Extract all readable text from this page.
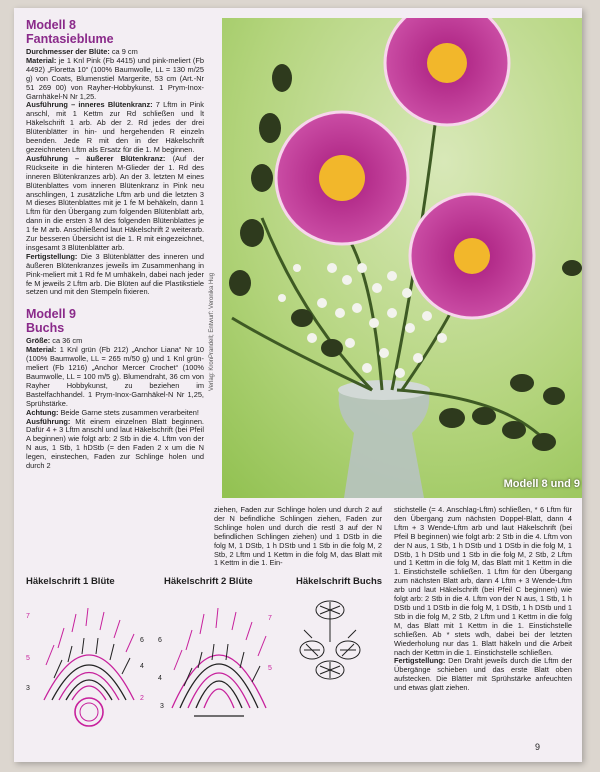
Modell 8

Fantasieblume

Durchmesser der Blüte: ca 9 cm

Material: je 1 Knl Pink (Fb 4415) und pink-meliert (Fb 4492) „Floretta 10“ (100% Baumwolle, LL = 130 m/25 g) von Coats, Blumenstiel Margerite, 53 cm (Art.-Nr 51 269 00) von Rayher-Hobbykunst. 1 Prym-Inox-Garnhäkel-N Nr 1,25.

Ausführung – inneres Blütenkranz: 7 Lftm in Pink anschl, mit 1 Kettm zur Rd schließen und lt Häkelschrift 1 arb. Ab der 2. Rd jedes der drei Blütenblätter in hin- und hergehenden R einzeln beenden. Jede R mit den in der Häkelschrift gezeichneten Lftm als Ersatz für die 1. M beginnen.

Ausführung – äußerer Blütenkranz: (Auf der Rückseite in die hinteren M-Glieder der 1. Rd des inneren Blütenkranzes arb). An der 3. letzten M eines Blütenblattes vom inneren Blütenkranz in Pink neu anschlingen, 1 zusätzliche Lftm arb und die letzten 3 M dieses Blütenblattes mit je 1 fe M behäkeln, dann 1 Lftm für den Übergang zum folgenden Blütenblatt arb, dann in die ersten 3 M des folgenden Blütenblattes je 1 fe M arb. Anschließend laut Häkelschrift 2 weiterarb. Zur besseren Übersicht ist die 1. R mit eingezeichnet, insgesamt 3 Blütenblätter arb.

Fertigstellung: Die 3 Blütenblätter des inneren und äußeren Blütenkranzes jeweils im Zusammenhang in Pink-meliert mit 1 Rd fe M umhäkeln, dabei nach jeder fe M jeweils 2 Lftm arb. Die Blüten auf die Plastikstiele setzen und mit den Stempeln fixieren.

Modell 9

Buchs

Größe: ca 36 cm

Material: 1 Knl grün (Fb 212) „Anchor Liana“ Nr 10 (100% Baumwolle, LL = 265 m/50 g) und 1 Knl grün-meliert (Fb 1216) „Anchor Mercer Crochet“ (100% Baumwolle, LL = 100 m/5 g). Blumendraht, 36 cm von Rayher Hobbykunst, zu beziehen im Bastelfachhandel. 1 Prym-Inox-Garnhäkel-N Nr 1,25, Sprühstärke.

Achtung: Beide Garne stets zusammen verarbeiten!

Ausführung: Mit einem einzelnen Blatt beginnen. Dafür 4 + 3 Lftm anschl und laut Häkelschrift (bei Pfeil A beginnen) wie folgt arb: 2 Stb in die 4. Lftm von der N aus, 1 Stb, 1 hDStb (= den Faden 2 x um die N legen, einstechen, Faden zur Schlinge holen und durch 2

Verlag: KronPrandell; Entwurf: Veronika Hug
Modell 8 und 9

ziehen, Faden zur Schlinge holen und durch 2 auf der N befindliche Schlingen ziehen, Faden zur Schlinge holen und durch die restl 3 auf der N befindlichen Schlingen ziehen) und 1 DStb in die folg M, 1 DStb, 1 h DStb und 1 Stb in die folg M, 2 Stb, 2 Lftm und 1 Kettm in die folg M, das Blatt mit 1 Kettm in die 1. Ein-

stichstelle (= 4. Anschlag-Lftm) schließen, * 6 Lftm für den Übergang zum nächsten Doppel-Blatt, dann 4 Lftm + 3 Wende-Lftm arb und laut Häkelschrift (bei Pfeil B beginnen) wie folgt arb: 2 Stb in die 4. Lftm von der N aus, 1 Stb, 1 h DStb und 1 DStb in die folg M, 1 DStb, 1 h DStb und 1 Stb in die folg M, 2 Stb, 2 Lftm und 1 Kettm in die folg M, das Blatt mit 1 Kettm in die 1. Einstichstelle schließen. 1 Lftm für den Übergang zum nächsten Blatt arb, dann 4 Lftm + 3 Wende-Lftm arb und laut Häkelschrift (bei Pfeil C beginnen) wie folgt arb: 2 Stb in die 4. Lftm von der N aus, 1 Stb, 1 h DStb und 1 DStb in die folg M, 1 DStb, 1 h DStb und 1 Stb in die folg M, 2 Stb, 2 Lftm und 1 Kettm in die folg M, das Blatt mit 1 Kettm in die 1. Einstichstelle schließen. Ab * stets wdh, dabei bei der letzten Wiederholung nur das 1. Blatt häkeln und die Arbeit nach der Kettm in die 1. Einstichstelle schließen.

Fertigstellung: Den Draht jeweils durch die Lftm der Übergänge schieben und das erste Blatt oben aufstecken. Die Blätter mit Sprühstärke anfeuchten und etwas glatt ziehen.

Häkelschrift 1 Blüte	Häkelschrift 2 Blüte	Häkelschrift Buchs
7
6
5
4
3
2
7
6
5
4
3
9
